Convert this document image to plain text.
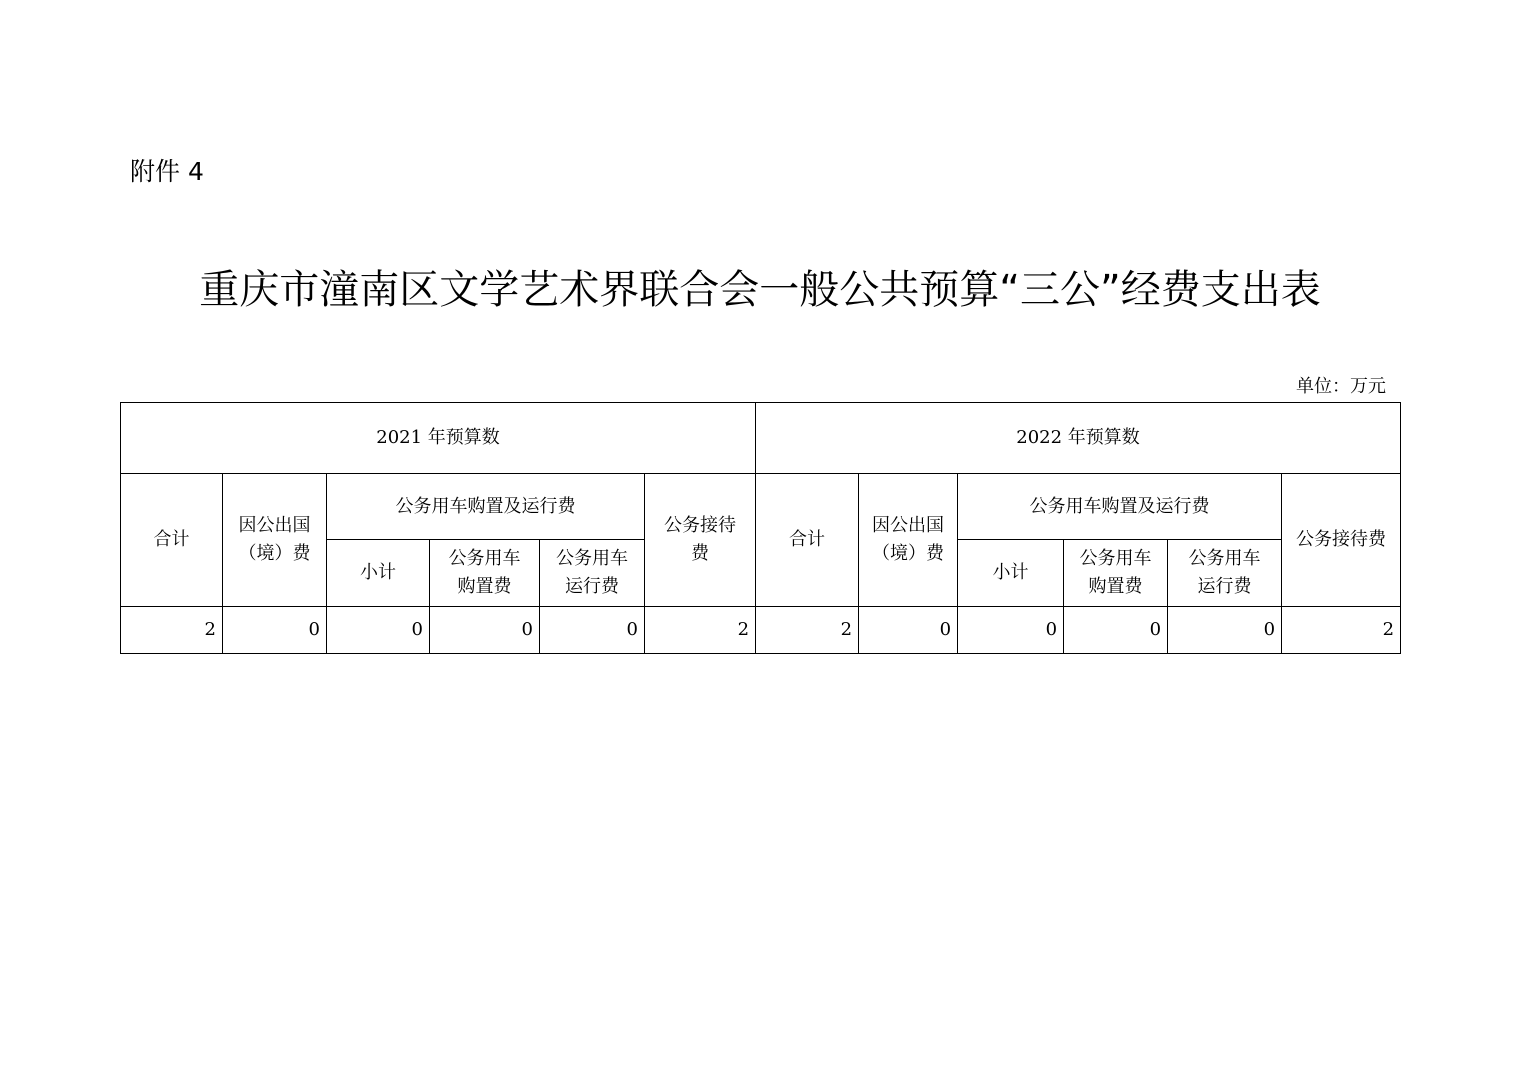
附件 4
重庆市潼南区文学艺术界联合会一般公共预算“三公”经费支出表
单位：万元
2021 年预算数						2022 年预算数					
合计	因公出国（境）费	公务用车购置及运行费			公务接待费	合计	因公出国（境）费	公务用车购置及运行费			公务接待费
		小计	公务用车购置费	公务用车运行费				小计	公务用车购置费	公务用车运行费	
2	0	0	0	0	2	2	0	0	0	0	2
